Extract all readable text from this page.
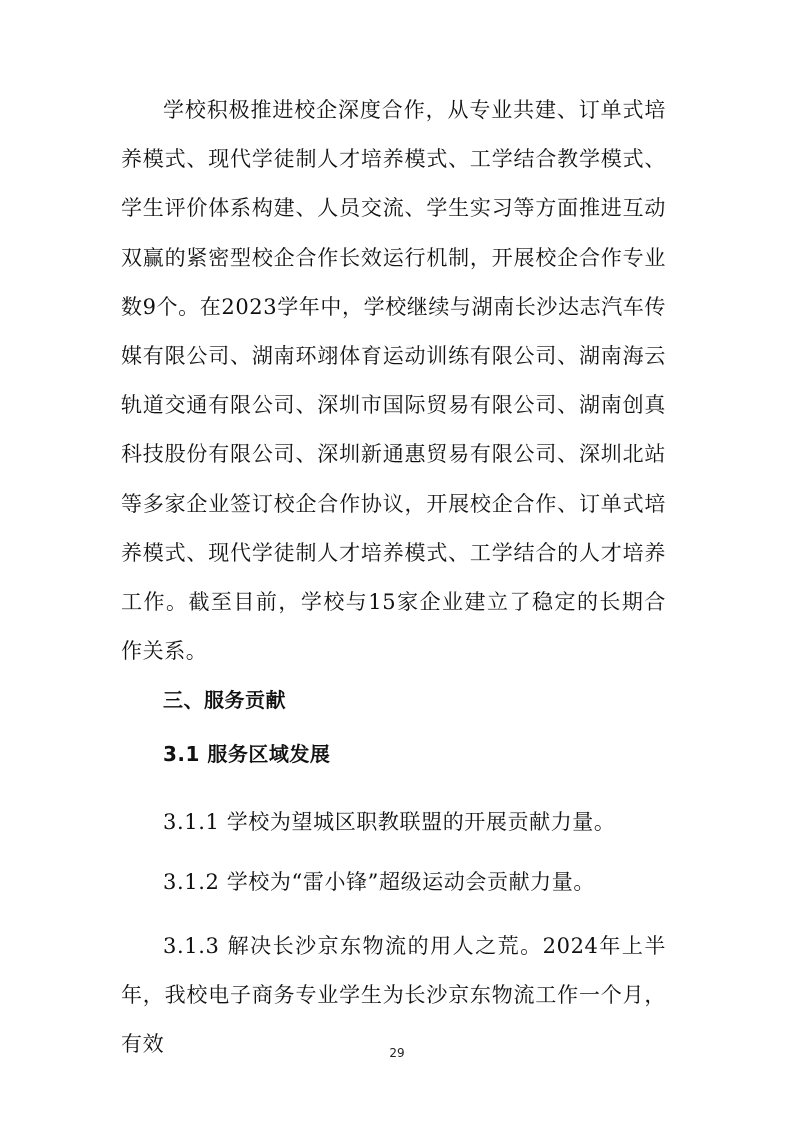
学校积极推进校企深度合作，从专业共建、订单式培养模式、现代学徒制人才培养模式、工学结合教学模式、学生评价体系构建、人员交流、学生实习等方面推进互动双赢的紧密型校企合作长效运行机制，开展校企合作专业数9个。在2023学年中，学校继续与湖南长沙达志汽车传媒有限公司、湖南环翊体育运动训练有限公司、湖南海云轨道交通有限公司、深圳市国际贸易有限公司、湖南创真科技股份有限公司、深圳新通惠贸易有限公司、深圳北站等多家企业签订校企合作协议，开展校企合作、订单式培养模式、现代学徒制人才培养模式、工学结合的人才培养工作。截至目前，学校与15家企业建立了稳定的长期合作关系。

三、服务贡献
3.1 服务区域发展

3.1.1 学校为望城区职教联盟的开展贡献力量。

3.1.2 学校为“雷小锋”超级运动会贡献力量。

3.1.3 解决长沙京东物流的用人之荒。2024年上半年，我校电子商务专业学生为长沙京东物流工作一个月，有效	29
